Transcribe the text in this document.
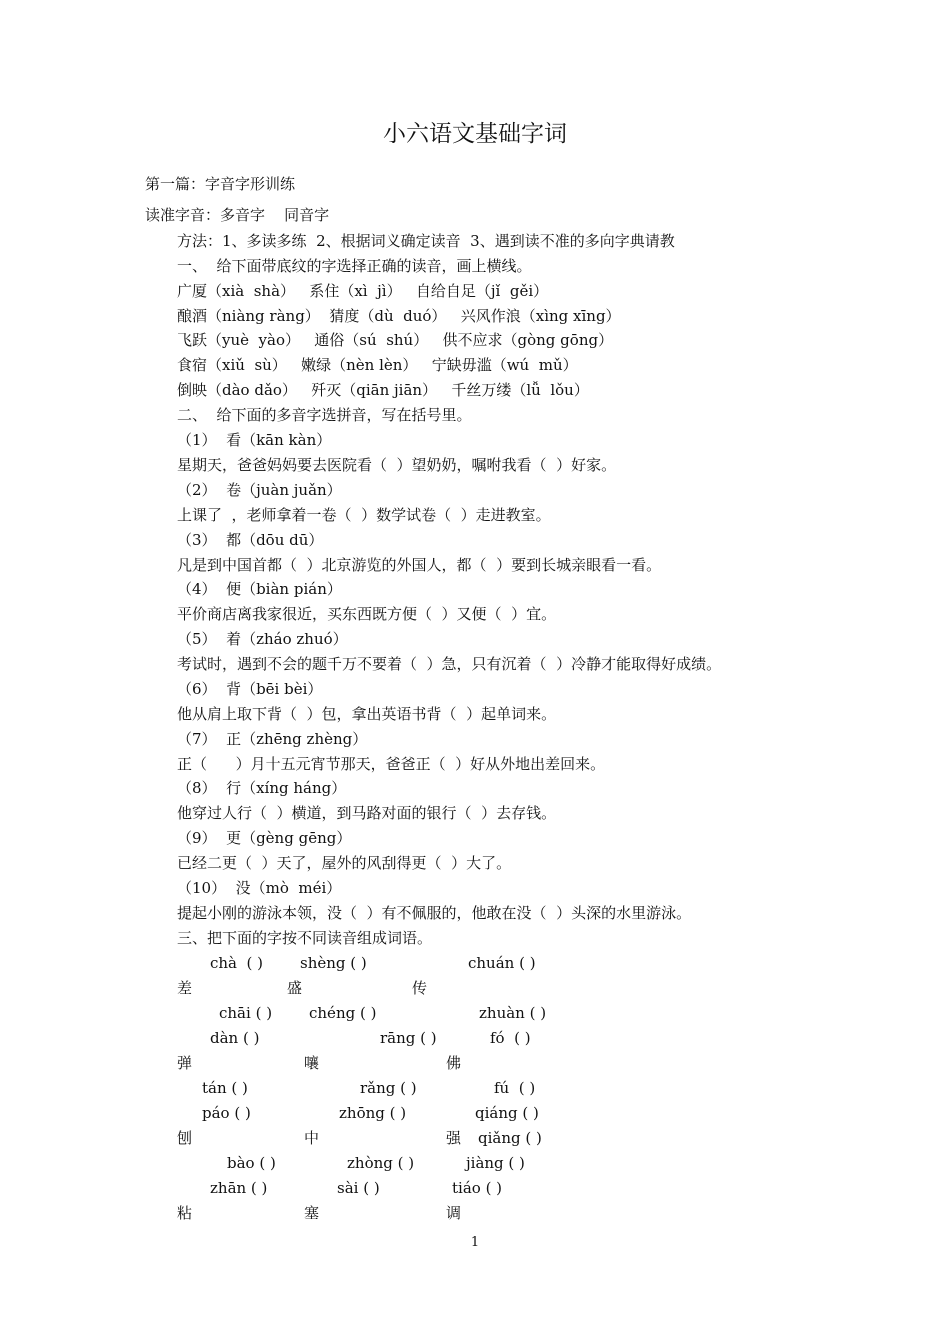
小六语文基础字词
第一篇：字音字形训练
读准字音：多音字    同音字
方法：1、多读多练  2、根据词义确定读音  3、遇到读不准的多向字典请教
一、  给下面带底纹的字选择正确的读音，画上横线。
广厦（xià  shà）   系住（xì  jì）   自给自足（jǐ  gěi）
酿酒（niàng ràng）  猜度（dù  duó）   兴风作浪（xìng xīng）
飞跃（yuè  yào）   通俗（sú  shú）   供不应求（gòng gōng）
食宿（xiǔ  sù）   嫩绿（nèn lèn）   宁缺毋滥（wú  mǔ）
倒映（dào dǎo）   歼灭（qiān jiān）   千丝万缕（lǚ  lǒu）
二、  给下面的多音字选拼音，写在括号里。
（1）  看（kān kàn）
星期天，爸爸妈妈要去医院看（  ）望奶奶，嘱咐我看（  ）好家。
（2）  卷（juàn juǎn）
上课了  ，老师拿着一卷（  ）数学试卷（  ）走进教室。
（3）  都（dōu dū）
凡是到中国首都（  ）北京游览的外国人，都（  ）要到长城亲眼看一看。
（4）  便（biàn pián）
平价商店离我家很近，买东西既方便（  ）又便（  ）宜。
（5）  着（zháo zhuó）
考试时，遇到不会的题千万不要着（  ）急，只有沉着（  ）冷静才能取得好成绩。
（6）  背（bēi bèi）
他从肩上取下背（  ）包，拿出英语书背（  ）起单词来。
（7）  正（zhēng zhèng）
正（      ）月十五元宵节那天，爸爸正（  ）好从外地出差回来。
（8）  行（xíng háng）
他穿过人行（  ）横道，到马路对面的银行（  ）去存钱。
（9）  更（gèng gēng）
已经二更（  ）天了，屋外的风刮得更（  ）大了。
（10）  没（mò  méi）
提起小刚的游泳本领，没（  ）有不佩服的，他敢在没（  ）头深的水里游泳。
三、把下面的字按不同读音组成词语。
chà  ( ) shèng ( )	chuán ( )
差	盛	传
chāi ( ) chéng ( )	zhuàn ( )
dàn ( )	rāng ( )	fó  ( )
弹	嚷	佛
tán ( )	rǎng ( )	fú  ( )
páo ( )	zhōng ( )	qiáng ( )
刨	中	强 qiǎng ( )
bào ( )	zhòng ( )	jiàng ( )
zhān ( )	sài ( )	tiáo ( )
粘	塞	调
1
